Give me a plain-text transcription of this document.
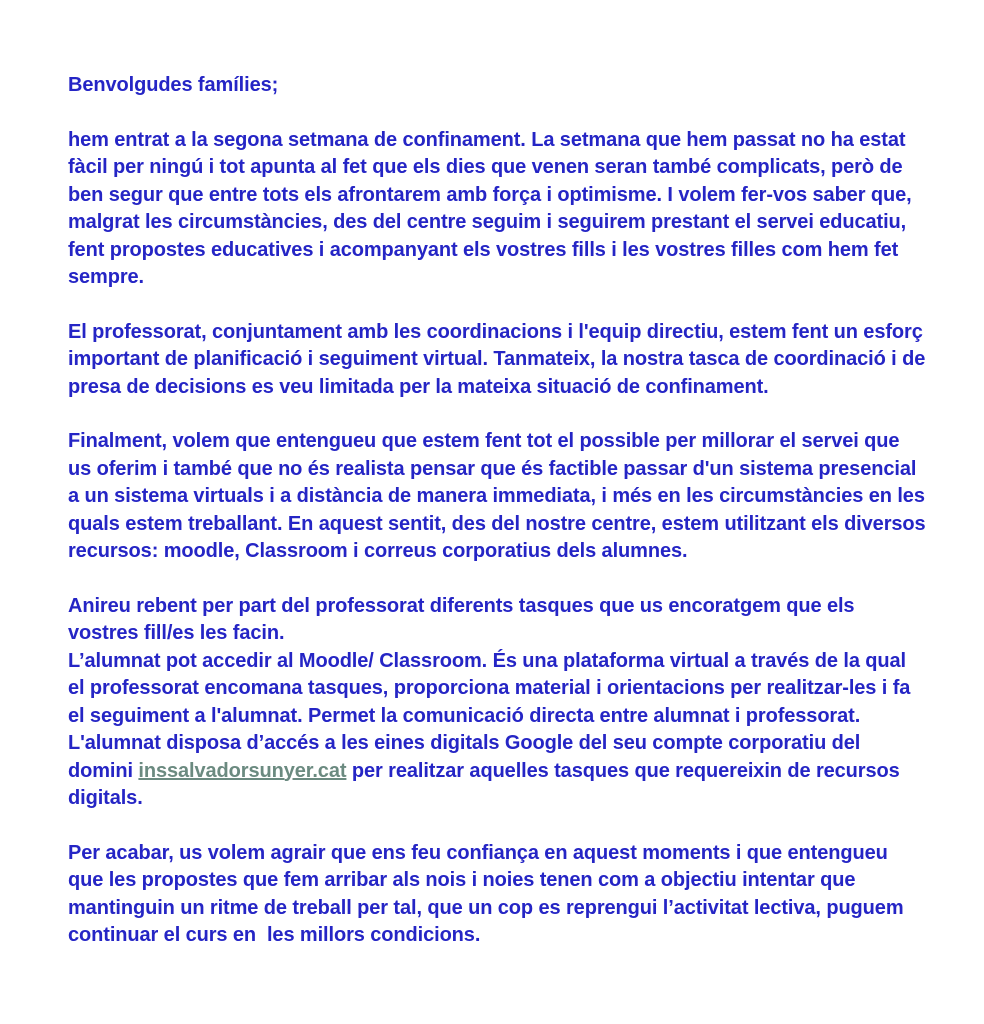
Benvolgudes famílies;

hem entrat a la segona setmana de confinament. La setmana que hem passat no ha estat fàcil per ningú i tot apunta al fet que els dies que venen seran també complicats, però de ben segur que entre tots els afrontarem amb força i optimisme. I volem fer-vos saber que, malgrat les circumstàncies, des del centre seguim i seguirem prestant el servei educatiu, fent propostes educatives i acompanyant els vostres fills i les vostres filles com hem fet sempre.

El professorat, conjuntament amb les coordinacions i l'equip directiu, estem fent un esforç important de planificació i seguiment virtual. Tanmateix, la nostra tasca de coordinació i de presa de decisions es veu limitada per la mateixa situació de confinament.

Finalment, volem que entengueu que estem fent tot el possible per millorar el servei que us oferim i també que no és realista pensar que és factible passar d'un sistema presencial a un sistema virtuals i a distància de manera immediata, i més en les circumstàncies en les quals estem treballant. En aquest sentit, des del nostre centre, estem utilitzant els diversos recursos: moodle, Classroom i correus corporatius dels alumnes.

Anireu rebent per part del professorat diferents tasques que us encoratgem que els vostres fill/es les facin.
L’alumnat pot accedir al Moodle/ Classroom. És una plataforma virtual a través de la qual el professorat encomana tasques, proporciona material i orientacions per realitzar-les i fa el seguiment a l'alumnat. Permet la comunicació directa entre alumnat i professorat.
L'alumnat disposa d’accés a les eines digitals Google del seu compte corporatiu del domini inssalvadorsunyer.cat per realitzar aquelles tasques que requereixin de recursos digitals.

Per acabar, us volem agrair que ens feu confiança en aquest moments i que entengueu que les propostes que fem arribar als nois i noies tenen com a objectiu intentar que mantinguin un ritme de treball per tal, que un cop es reprengui l’activitat lectiva, puguem continuar el curs en  les millors condicions.
